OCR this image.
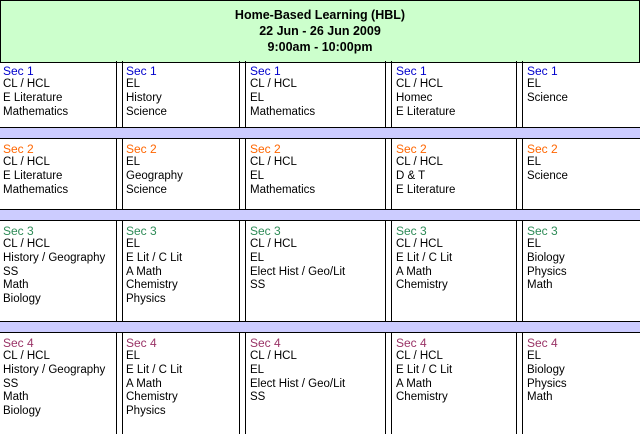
Home-Based Learning (HBL)
22 Jun - 26 Jun 2009
9:00am - 10:00pm
Sec 1
CL / HCL
E Literature
Mathematics
Sec 1
EL
History
Science
Sec 1
CL / HCL
EL
Mathematics
Sec 1
CL / HCL
Homec
E Literature
Sec 1
EL
Science
Sec 2
CL / HCL
E Literature
Mathematics
Sec 2
EL
Geography
Science
Sec 2
CL / HCL
EL
Mathematics
Sec 2
CL / HCL
D & T
E Literature
Sec 2
EL
Science
Sec 3
CL / HCL
History / Geography
SS
Math
Biology
Sec 3
EL
E Lit / C Lit
A Math
Chemistry
Physics
Sec 3
CL / HCL
EL
Elect Hist / Geo/Lit
SS
Sec 3
CL / HCL
E Lit / C Lit
A Math
Chemistry
Sec 3
EL
Biology
Physics
Math
Sec 4
CL / HCL
History / Geography
SS
Math
Biology
Sec 4
EL
E Lit / C Lit
A Math
Chemistry
Physics
Sec 4
CL / HCL
EL
Elect Hist / Geo/Lit
SS
Sec 4
CL / HCL
E Lit / C Lit
A Math
Chemistry
Sec 4
EL
Biology
Physics
Math
